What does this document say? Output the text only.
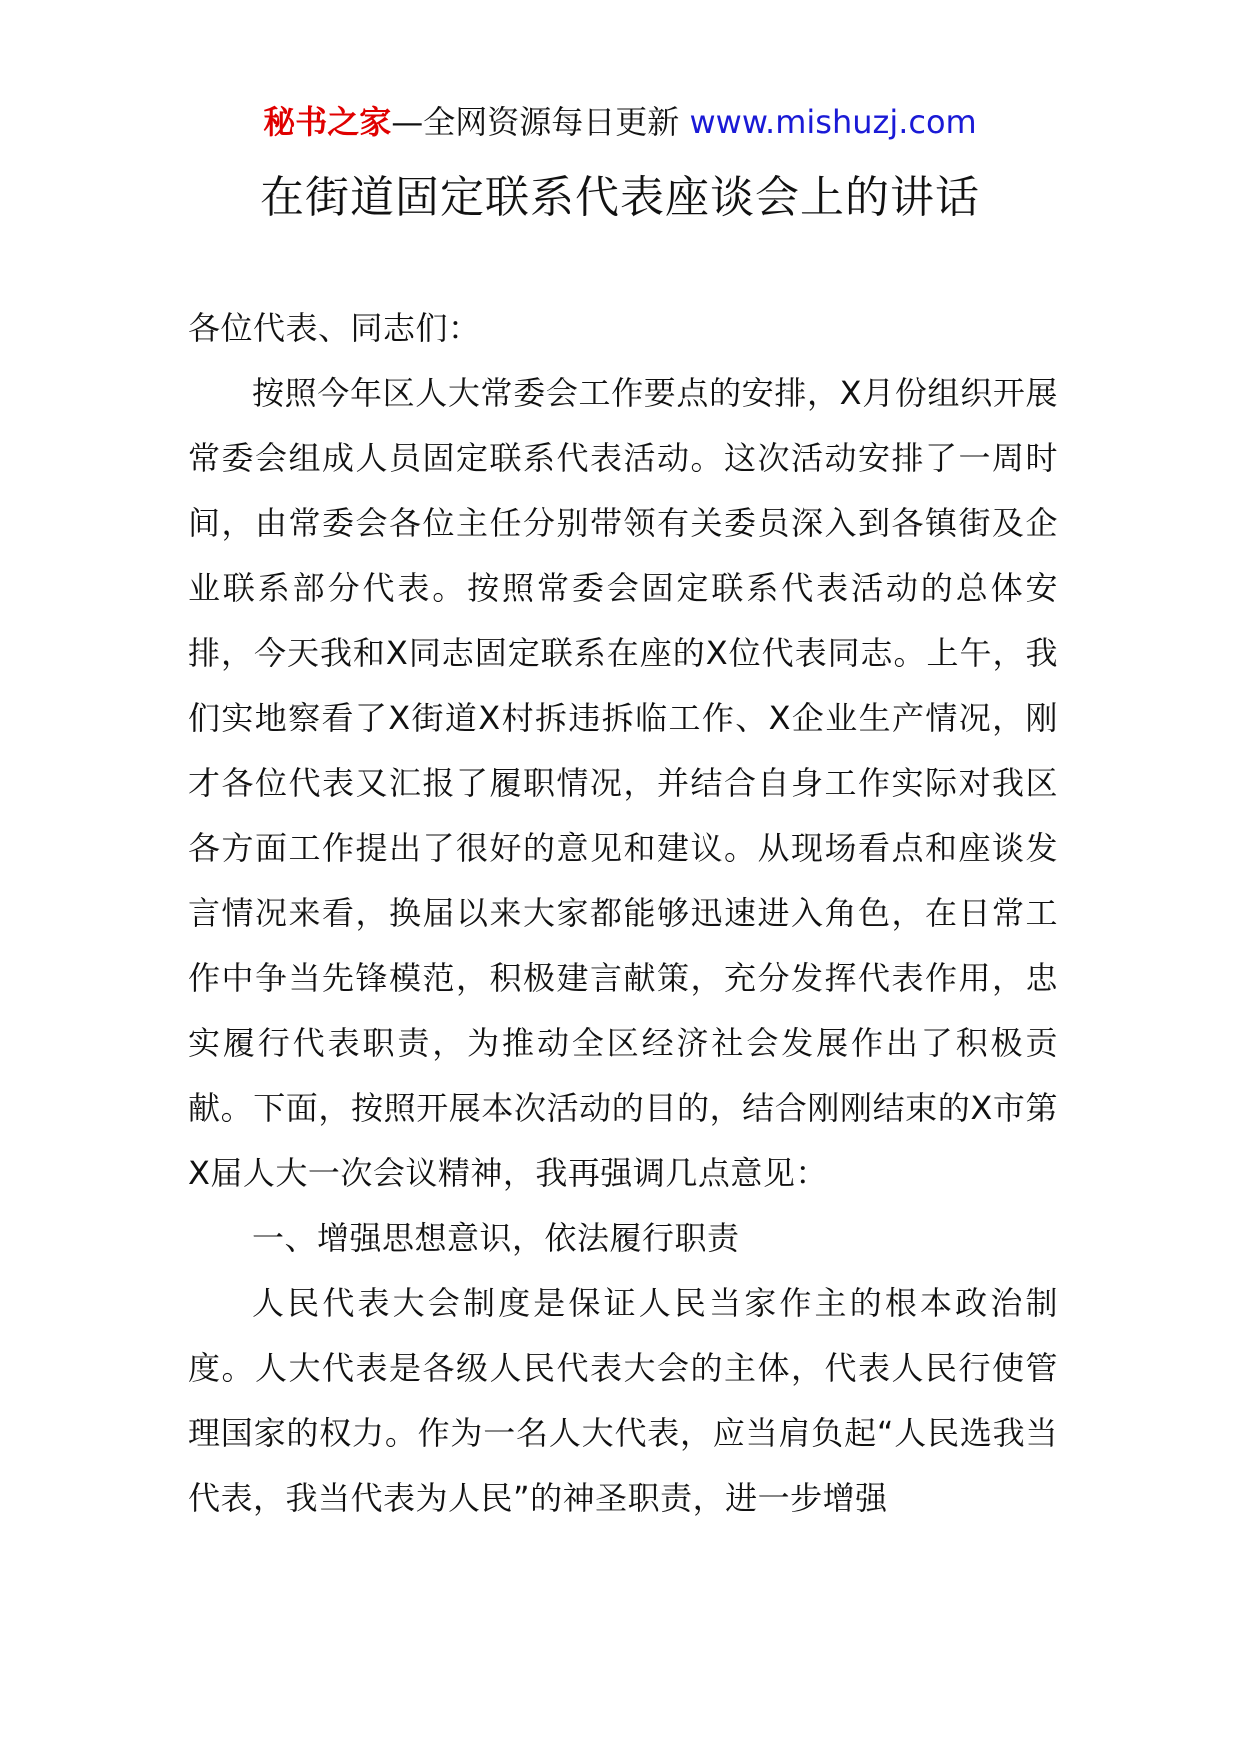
秘书之家—全网资源每日更新 www.mishuzj.com
在街道固定联系代表座谈会上的讲话

各位代表、同志们：

按照今年区人大常委会工作要点的安排，X月份组织开展常委会组成人员固定联系代表活动。这次活动安排了一周时间，由常委会各位主任分别带领有关委员深入到各镇街及企业联系部分代表。按照常委会固定联系代表活动的总体安排，今天我和X同志固定联系在座的X位代表同志。上午，我们实地察看了X街道X村拆违拆临工作、X企业生产情况，刚才各位代表又汇报了履职情况，并结合自身工作实际对我区各方面工作提出了很好的意见和建议。从现场看点和座谈发言情况来看，换届以来大家都能够迅速进入角色，在日常工作中争当先锋模范，积极建言献策，充分发挥代表作用，忠实履行代表职责，为推动全区经济社会发展作出了积极贡献。下面，按照开展本次活动的目的，结合刚刚结束的X市第X届人大一次会议精神，我再强调几点意见：

一、增强思想意识，依法履行职责

人民代表大会制度是保证人民当家作主的根本政治制度。人大代表是各级人民代表大会的主体，代表人民行使管理国家的权力。作为一名人大代表，应当肩负起“人民选我当代表，我当代表为人民”的神圣职责，进一步增强
